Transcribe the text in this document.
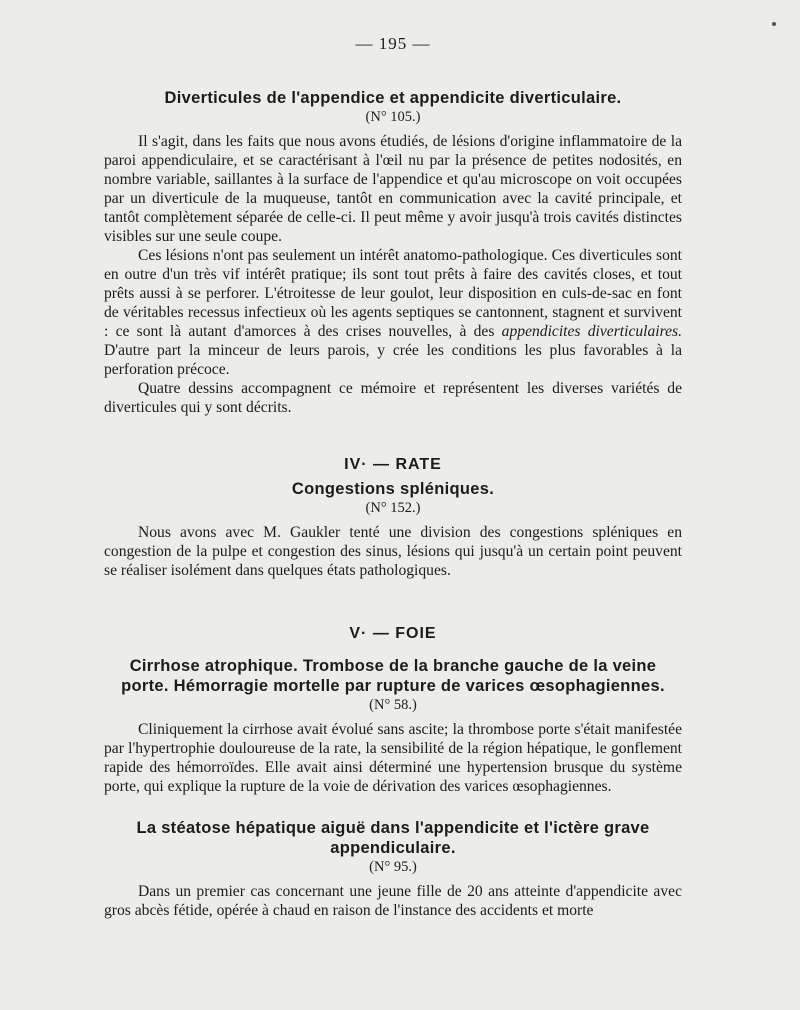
— 195 —

Diverticules de l'appendice et appendicite diverticulaire.

(N° 105.)

Il s'agit, dans les faits que nous avons étudiés, de lésions d'origine inflammatoire de la paroi appendiculaire, et se caractérisant à l'œil nu par la présence de petites nodosités, en nombre variable, saillantes à la surface de l'appendice et qu'au microscope on voit occupées par un diverticule de la muqueuse, tantôt en communication avec la cavité principale, et tantôt complètement séparée de celle-ci. Il peut même y avoir jusqu'à trois cavités distinctes visibles sur une seule coupe.

Ces lésions n'ont pas seulement un intérêt anatomo-pathologique. Ces diverticules sont en outre d'un très vif intérêt pratique; ils sont tout prêts à faire des cavités closes, et tout prêts aussi à se perforer. L'étroitesse de leur goulot, leur disposition en culs-de-sac en font de véritables recessus infectieux où les agents septiques se cantonnent, stagnent et survivent : ce sont là autant d'amorces à des crises nouvelles, à des appendicites diverticulaires. D'autre part la minceur de leurs parois, y crée les conditions les plus favorables à la perforation précoce.

Quatre dessins accompagnent ce mémoire et représentent les diverses variétés de diverticules qui y sont décrits.

IV· — RATE

Congestions spléniques.

(N° 152.)

Nous avons avec M. Gaukler tenté une division des congestions spléniques en congestion de la pulpe et congestion des sinus, lésions qui jusqu'à un certain point peuvent se réaliser isolément dans quelques états pathologiques.

V· — FOIE

Cirrhose atrophique. Trombose de la branche gauche de la veine porte. Hémorragie mortelle par rupture de varices œsophagiennes.

(N° 58.)

Cliniquement la cirrhose avait évolué sans ascite; la thrombose porte s'était manifestée par l'hypertrophie douloureuse de la rate, la sensibilité de la région hépatique, le gonflement rapide des hémorroïdes. Elle avait ainsi déterminé une hypertension brusque du système porte, qui explique la rupture de la voie de dérivation des varices œsophagiennes.

La stéatose hépatique aiguë dans l'appendicite et l'ictère grave appendiculaire.

(N° 95.)

Dans un premier cas concernant une jeune fille de 20 ans atteinte d'appendicite avec gros abcès fétide, opérée à chaud en raison de l'instance des accidents et morte
